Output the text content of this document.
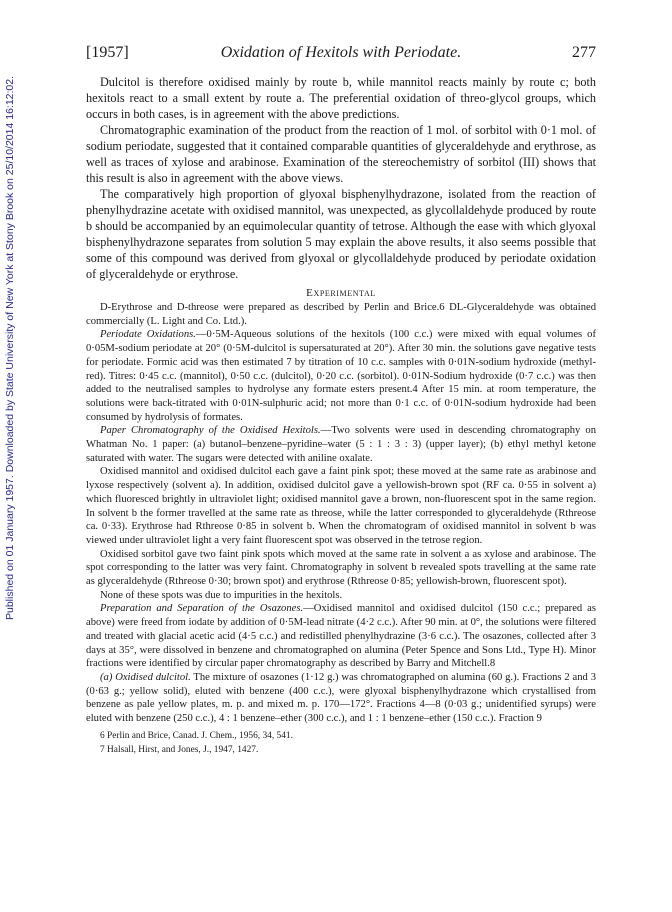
Published on 01 January 1957. Downloaded by State University of New York at Stony Brook on 25/10/2014 16:12:02.
[1957]	Oxidation of Hexitols with Periodate.	277

Dulcitol is therefore oxidised mainly by route b, while mannitol reacts mainly by route c; both hexitols react to a small extent by route a. The preferential oxidation of threo-glycol groups, which occurs in both cases, is in agreement with the above predictions.

Chromatographic examination of the product from the reaction of 1 mol. of sorbitol with 0·1 mol. of sodium periodate, suggested that it contained comparable quantities of glyceraldehyde and erythrose, as well as traces of xylose and arabinose. Examination of the stereochemistry of sorbitol (III) shows that this result is also in agreement with the above views.

The comparatively high proportion of glyoxal bisphenylhydrazone, isolated from the reaction of phenylhydrazine acetate with oxidised mannitol, was unexpected, as glycollaldehyde produced by route b should be accompanied by an equimolecular quantity of tetrose. Although the ease with which glyoxal bisphenylhydrazone separates from solution 5 may explain the above results, it also seems possible that some of this compound was derived from glyoxal or glycollaldehyde produced by periodate oxidation of glyceraldehyde or erythrose.

Experimental

D-Erythrose and D-threose were prepared as described by Perlin and Brice.6 DL-Glyceraldehyde was obtained commercially (L. Light and Co. Ltd.).

Periodate Oxidations.—0·5M-Aqueous solutions of the hexitols (100 c.c.) were mixed with equal volumes of 0·05M-sodium periodate at 20° (0·5M-dulcitol is supersaturated at 20°). After 30 min. the solutions gave negative tests for periodate. Formic acid was then estimated 7 by titration of 10 c.c. samples with 0·01N-sodium hydroxide (methyl-red). Titres: 0·45 c.c. (mannitol), 0·50 c.c. (dulcitol), 0·20 c.c. (sorbitol). 0·01N-Sodium hydroxide (0·7 c.c.) was then added to the neutralised samples to hydrolyse any formate esters present.4 After 15 min. at room temperature, the solutions were back-titrated with 0·01N-sulphuric acid; not more than 0·1 c.c. of 0·01N-sodium hydroxide had been consumed by hydrolysis of formates.

Paper Chromatography of the Oxidised Hexitols.—Two solvents were used in descending chromatography on Whatman No. 1 paper: (a) butanol–benzene–pyridine–water (5 : 1 : 3 : 3) (upper layer); (b) ethyl methyl ketone saturated with water. The sugars were detected with aniline oxalate.

Oxidised mannitol and oxidised dulcitol each gave a faint pink spot; these moved at the same rate as arabinose and lyxose respectively (solvent a). In addition, oxidised dulcitol gave a yellowish-brown spot (RF ca. 0·55 in solvent a) which fluoresced brightly in ultraviolet light; oxidised mannitol gave a brown, non-fluorescent spot in the same region. In solvent b the former travelled at the same rate as threose, while the latter corresponded to glyceraldehyde (Rthreose ca. 0·33). Erythrose had Rthreose 0·85 in solvent b. When the chromatogram of oxidised mannitol in solvent b was viewed under ultraviolet light a very faint fluorescent spot was observed in the tetrose region.

Oxidised sorbitol gave two faint pink spots which moved at the same rate in solvent a as xylose and arabinose. The spot corresponding to the latter was very faint. Chromatography in solvent b revealed spots travelling at the same rate as glyceraldehyde (Rthreose 0·30; brown spot) and erythrose (Rthreose 0·85; yellowish-brown, fluorescent spot).

None of these spots was due to impurities in the hexitols.

Preparation and Separation of the Osazones.—Oxidised mannitol and oxidised dulcitol (150 c.c.; prepared as above) were freed from iodate by addition of 0·5M-lead nitrate (4·2 c.c.). After 90 min. at 0°, the solutions were filtered and treated with glacial acetic acid (4·5 c.c.) and redistilled phenylhydrazine (3·6 c.c.). The osazones, collected after 3 days at 35°, were dissolved in benzene and chromatographed on alumina (Peter Spence and Sons Ltd., Type H). Minor fractions were identified by circular paper chromatography as described by Barry and Mitchell.8

(a) Oxidised dulcitol. The mixture of osazones (1·12 g.) was chromatographed on alumina (60 g.). Fractions 2 and 3 (0·63 g.; yellow solid), eluted with benzene (400 c.c.), were glyoxal bisphenylhydrazone which crystallised from benzene as pale yellow plates, m. p. and mixed m. p. 170—172°. Fractions 4—8 (0·03 g.; unidentified syrups) were eluted with benzene (250 c.c.), 4 : 1 benzene–ether (300 c.c.), and 1 : 1 benzene–ether (150 c.c.). Fraction 9

6 Perlin and Brice, Canad. J. Chem., 1956, 34, 541.

7 Halsall, Hirst, and Jones, J., 1947, 1427.
